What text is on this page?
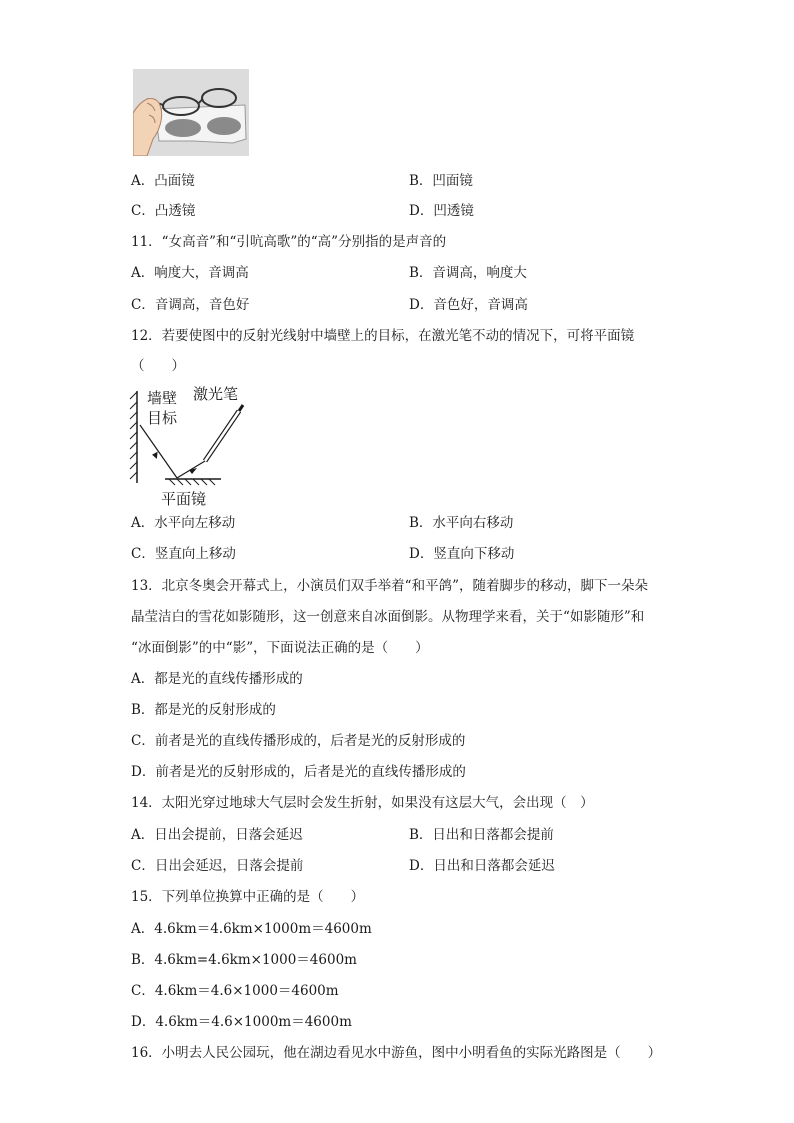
A．凸面镜	B．凹面镜
C．凸透镜	D．凹透镜
11．“女高音”和“引吭高歌”的“高”分别指的是声音的
A．响度大，音调高	B．音调高，响度大
C．音调高，音色好	D．音色好，音调高
12．若要使图中的反射光线射中墙壁上的目标，在激光笔不动的情况下，可将平面镜
（　　）
墙壁
目标
激光笔
平面镜
A．水平向左移动	B．水平向右移动
C．竖直向上移动	D．竖直向下移动
13．北京冬奥会开幕式上，小演员们双手举着“和平鸽”，随着脚步的移动，脚下一朵朵
晶莹洁白的雪花如影随形，这一创意来自冰面倒影。从物理学来看，关于“如影随形”和
“冰面倒影”的中“影”，下面说法正确的是（　　）
A．都是光的直线传播形成的
B．都是光的反射形成的
C．前者是光的直线传播形成的，后者是光的反射形成的
D．前者是光的反射形成的，后者是光的直线传播形成的
14．太阳光穿过地球大气层时会发生折射，如果没有这层大气，会出现（　）
A．日出会提前，日落会延迟	B．日出和日落都会提前
C．日出会延迟，日落会提前	D．日出和日落都会延迟
15．下列单位换算中正确的是（　　）
A．4.6km＝4.6km×1000m＝4600m
B．4.6km=4.6km×1000＝4600m
C．4.6km＝4.6×1000＝4600m
D．4.6km＝4.6×1000m＝4600m
16．小明去人民公园玩，他在湖边看见水中游鱼，图中小明看鱼的实际光路图是（　　）
